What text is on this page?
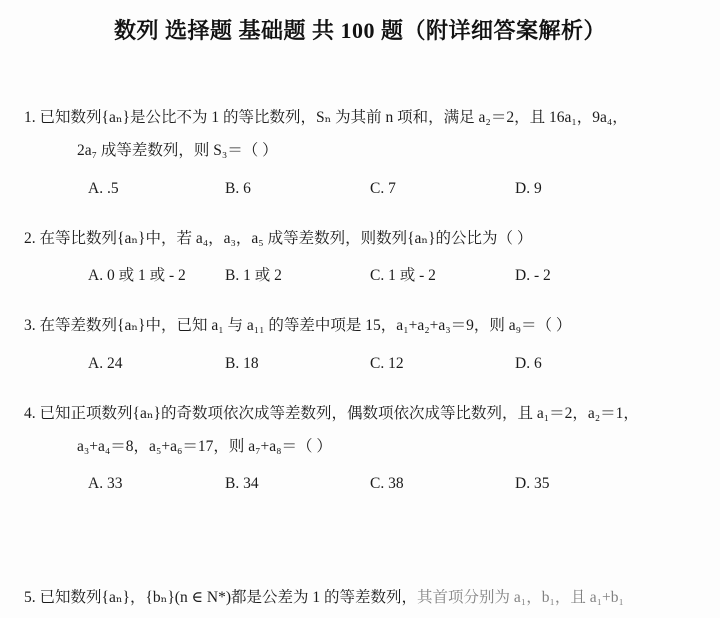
数列 选择题 基础题 共 100 题（附详细答案解析）
1. 已知数列{aₙ}是公比不为 1 的等比数列，Sₙ 为其前 n 项和，满足 a₂＝2，且 16a₁，9a₄，
2a₇ 成等差数列，则 S₃＝（ ）
A. .5	B. 6	C. 7	D. 9
2. 在等比数列{aₙ}中，若 a₄，a₃，a₅ 成等差数列，则数列{aₙ}的公比为（ ）
A. 0 或 1 或 - 2	B. 1 或 2	C. 1 或 - 2	D. - 2
3. 在等差数列{aₙ}中，已知 a₁ 与 a₁₁ 的等差中项是 15，a₁+a₂+a₃＝9，则 a₉＝（ ）
A. 24	B. 18	C. 12	D. 6
4. 已知正项数列{aₙ}的奇数项依次成等差数列，偶数项依次成等比数列，且 a₁＝2，a₂＝1，
a₃+a₄＝8，a₅+a₆＝17，则 a₇+a₈＝（ ）
A. 33	B. 34	C. 38	D. 35
5. 已知数列{aₙ}，{bₙ}(n ∈ N*)都是公差为 1 的等差数列，其首项分别为 a₁，b₁，且 a₁+b₁
